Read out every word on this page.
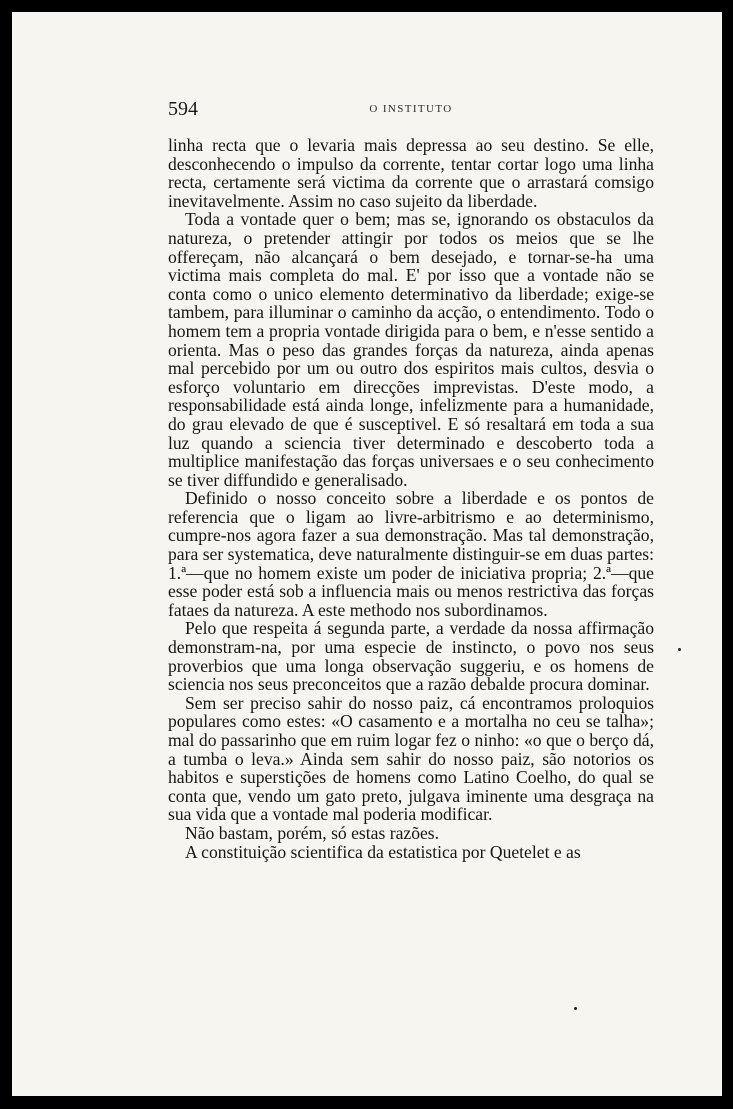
594	O INSTITUTO

linha recta que o levaria mais depressa ao seu destino. Se elle, desconhecendo o impulso da corrente, tentar cortar logo uma linha recta, certamente será victima da corrente que o arrastará comsigo inevitavelmente. Assim no caso sujeito da liberdade.

Toda a vontade quer o bem; mas se, ignorando os obstaculos da natureza, o pretender attingir por todos os meios que se lhe offereçam, não alcançará o bem desejado, e tornar-se-ha uma victima mais completa do mal. E' por isso que a vontade não se conta como o unico elemento determinativo da liberdade; exige-se tambem, para illuminar o caminho da acção, o entendimento. Todo o homem tem a propria vontade dirigida para o bem, e n'esse sentido a orienta. Mas o peso das grandes forças da natureza, ainda apenas mal percebido por um ou outro dos espiritos mais cultos, desvia o esforço voluntario em direcções imprevistas. D'este modo, a responsabilidade está ainda longe, infelizmente para a humanidade, do grau elevado de que é susceptivel. E só resaltará em toda a sua luz quando a sciencia tiver determinado e descoberto toda a multiplice manifestação das forças universaes e o seu conhecimento se tiver diffundido e generalisado.

Definido o nosso conceito sobre a liberdade e os pontos de referencia que o ligam ao livre-arbitrismo e ao determinismo, cumpre-nos agora fazer a sua demonstração. Mas tal demonstração, para ser systematica, deve naturalmente distinguir-se em duas partes: 1.ª—que no homem existe um poder de iniciativa propria; 2.ª—que esse poder está sob a influencia mais ou menos restrictiva das forças fataes da natureza. A este methodo nos subordinamos.

Pelo que respeita á segunda parte, a verdade da nossa affirmação demonstram-na, por uma especie de instincto, o povo nos seus proverbios que uma longa observação suggeriu, e os homens de sciencia nos seus preconceitos que a razão debalde procura dominar.

Sem ser preciso sahir do nosso paiz, cá encontramos proloquios populares como estes: «O casamento e a mortalha no ceu se talha»; mal do passarinho que em ruim logar fez o ninho: «o que o berço dá, a tumba o leva.» Ainda sem sahir do nosso paiz, são notorios os habitos e superstições de homens como Latino Coelho, do qual se conta que, vendo um gato preto, julgava iminente uma desgraça na sua vida que a vontade mal poderia modificar.

Não bastam, porém, só estas razões.

A constituição scientifica da estatistica por Quetelet e as
